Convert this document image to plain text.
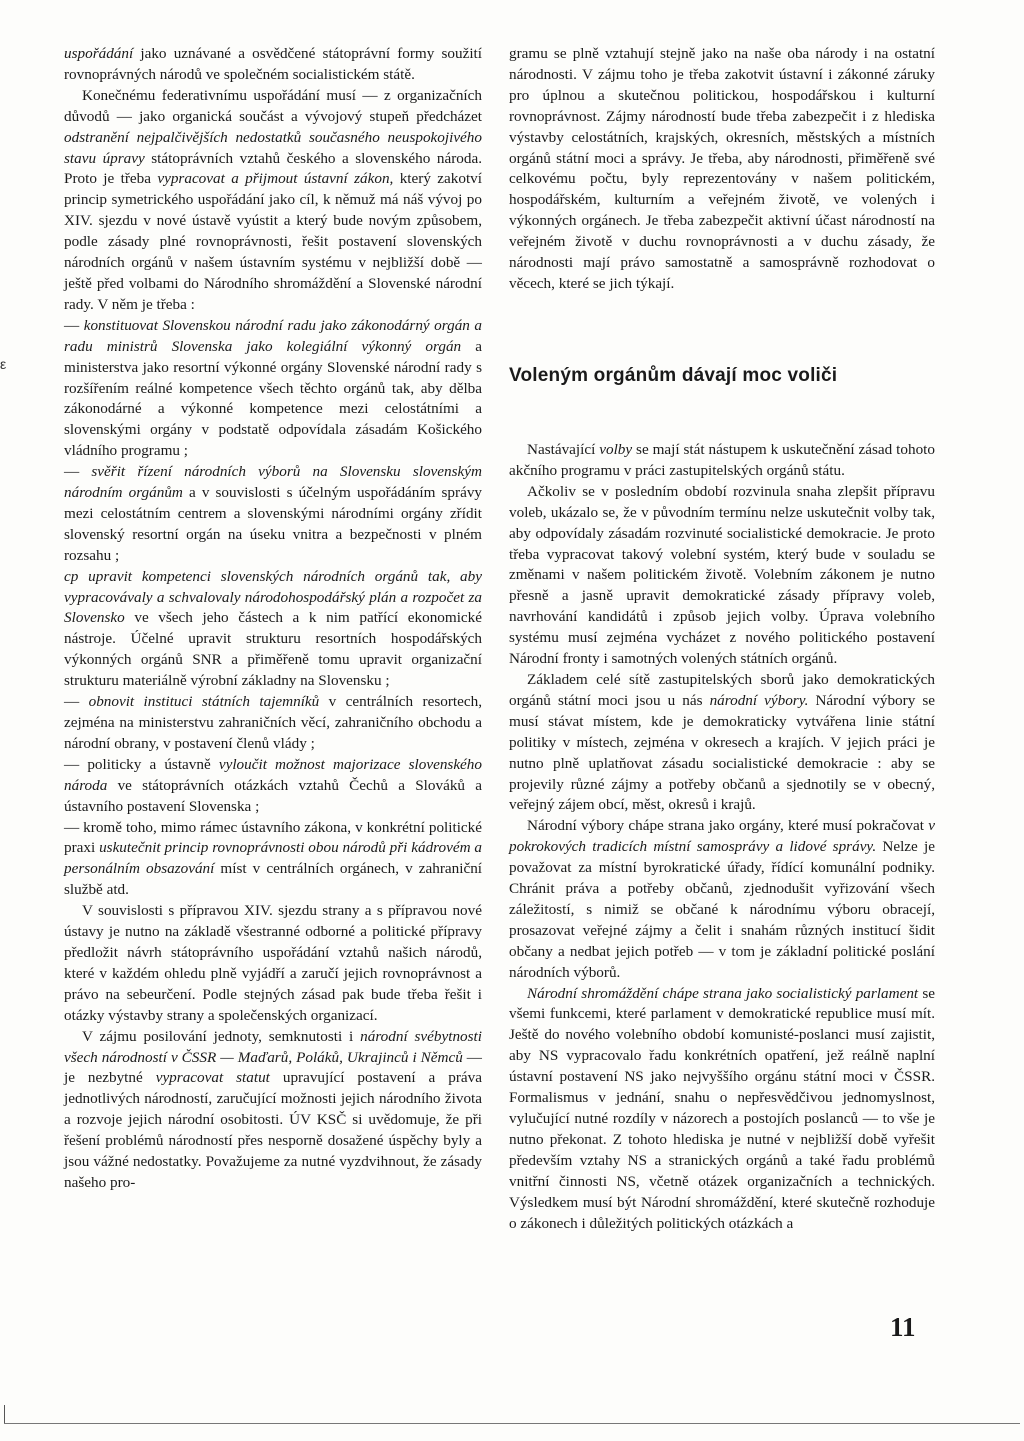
ε

uspořádání jako uznávané a osvědčené státoprávní formy soužití rovnoprávných národů ve společném socialistickém státě.

Konečnému federativnímu uspořádání musí — z organizačních důvodů — jako organická součást a vývojový stupeň předcházet odstranění nejpalčivějších nedostatků současného neuspokojivého stavu úpravy státoprávních vztahů českého a slovenského národa. Proto je třeba vypracovat a přijmout ústavní zákon, který zakotví princip symetrického uspořádání jako cíl, k němuž má náš vývoj po XIV. sjezdu v nové ústavě vyústit a který bude novým způsobem, podle zásady plné rovnoprávnosti, řešit postavení slovenských národních orgánů v našem ústavním systému v nejbližší době — ještě před volbami do Národního shromáždění a Slovenské národní rady. V něm je třeba :

— konstituovat Slovenskou národní radu jako zákonodárný orgán a radu ministrů Slovenska jako kolegiální výkonný orgán a ministerstva jako resortní výkonné orgány Slovenské národní rady s rozšířením reálné kompetence všech těchto orgánů tak, aby dělba zákonodárné a výkonné kompetence mezi celostátními a slovenskými orgány v podstatě odpovídala zásadám Košického vládního programu ;

— svěřit řízení národních výborů na Slovensku slovenským národním orgánům a v souvislosti s účelným uspořádáním správy mezi celostátním centrem a slovenskými národními orgány zřídit slovenský resortní orgán na úseku vnitra a bezpečnosti v plném rozsahu ;

cp upravit kompetenci slovenských národních orgánů tak, aby vypracovávaly a schvalovaly národohospodářský plán a rozpočet za Slovensko ve všech jeho částech a k nim patřící ekonomické nástroje. Účelné upravit strukturu resortních hospodářských výkonných orgánů SNR a přiměřeně tomu upravit organizační strukturu materiálně výrobní základny na Slovensku ;

— obnovit instituci státních tajemníků v centrálních resortech, zejména na ministerstvu zahraničních věcí, zahraničního obchodu a národní obrany, v postavení členů vlády ;

— politicky a ústavně vyloučit možnost majorizace slovenského národa ve státoprávních otázkách vztahů Čechů a Slováků a ústavního postavení Slovenska ;

— kromě toho, mimo rámec ústavního zákona, v konkrétní politické praxi uskutečnit princip rovnoprávnosti obou národů při kádrovém a personálním obsazování míst v centrálních orgánech, v zahraniční službě atd.

V souvislosti s přípravou XIV. sjezdu strany a s přípravou nové ústavy je nutno na základě všestranné odborné a politické přípravy předložit návrh státoprávního uspořádání vztahů našich národů, které v každém ohledu plně vyjádří a zaručí jejich rovnoprávnost a právo na sebeurčení. Podle stejných zásad pak bude třeba řešit i otázky výstavby strany a společenských organizací.

V zájmu posilování jednoty, semknutosti i národní svébytnosti všech národností v ČSSR — Maďarů, Poláků, Ukrajinců i Němců — je nezbytné vypracovat statut upravující postavení a práva jednotlivých národností, zaručující možnosti jejich národního života a rozvoje jejich národní osobitosti. ÚV KSČ si uvědomuje, že při řešení problémů národností přes nesporně dosažené úspěchy byly a jsou vážné nedostatky. Považujeme za nutné vyzdvihnout, že zásady našeho pro-

gramu se plně vztahují stejně jako na naše oba národy i na ostatní národnosti. V zájmu toho je třeba zakotvit ústavní i zákonné záruky pro úplnou a skutečnou politickou, hospodářskou i kulturní rovnoprávnost. Zájmy národností bude třeba zabezpečit i z hlediska výstavby celostátních, krajských, okresních, městských a místních orgánů státní moci a správy. Je třeba, aby národnosti, přiměřeně své celkovému počtu, byly reprezentovány v našem politickém, hospodářském, kulturním a veřejném životě, ve volených i výkonných orgánech. Je třeba zabezpečit aktivní účast národností na veřejném životě v duchu rovnoprávnosti a v duchu zásady, že národnosti mají právo samostatně a samosprávně rozhodovat o věcech, které se jich týkají.

Voleným orgánům dávají moc voliči

Nastávající volby se mají stát nástupem k uskutečnění zásad tohoto akčního programu v práci zastupitelských orgánů státu.

Ačkoliv se v posledním období rozvinula snaha zlepšit přípravu voleb, ukázalo se, že v původním termínu nelze uskutečnit volby tak, aby odpovídaly zásadám rozvinuté socialistické demokracie. Je proto třeba vypracovat takový volební systém, který bude v souladu se změnami v našem politickém životě. Volebním zákonem je nutno přesně a jasně upravit demokratické zásady přípravy voleb, navrhování kandidátů i způsob jejich volby. Úprava volebního systému musí zejména vycházet z nového politického postavení Národní fronty i samotných volených státních orgánů.

Základem celé sítě zastupitelských sborů jako demokratických orgánů státní moci jsou u nás národní výbory. Národní výbory se musí stávat místem, kde je demokraticky vytvářena linie státní politiky v místech, zejména v okresech a krajích. V jejich práci je nutno plně uplatňovat zásadu socialistické demokracie : aby se projevily různé zájmy a potřeby občanů a sjednotily se v obecný, veřejný zájem obcí, měst, okresů i krajů.

Národní výbory chápe strana jako orgány, které musí pokračovat v pokrokových tradicích místní samosprávy a lidové správy. Nelze je považovat za místní byrokratické úřady, řídící komunální podniky. Chránit práva a potřeby občanů, zjednodušit vyřizování všech záležitostí, s nimiž se občané k národnímu výboru obracejí, prosazovat veřejné zájmy a čelit i snahám různých institucí šidit občany a nedbat jejich potřeb — v tom je základní politické poslání národních výborů.

Národní shromáždění chápe strana jako socialistický parlament se všemi funkcemi, které parlament v demokratické republice musí mít. Ještě do nového volebního období komunisté-poslanci musí zajistit, aby NS vypracovalo řadu konkrétních opatření, jež reálně naplní ústavní postavení NS jako nejvyššího orgánu státní moci v ČSSR. Formalismus v jednání, snahu o nepřesvědčivou jednomyslnost, vylučující nutné rozdíly v názorech a postojích poslanců — to vše je nutno překonat. Z tohoto hlediska je nutné v nejbližší době vyřešit především vztahy NS a stranických orgánů a také řadu problémů vnitřní činnosti NS, včetně otázek organizačních a technických. Výsledkem musí být Národní shromáždění, které skutečně rozhoduje o zákonech i důležitých politických otázkách a

11
